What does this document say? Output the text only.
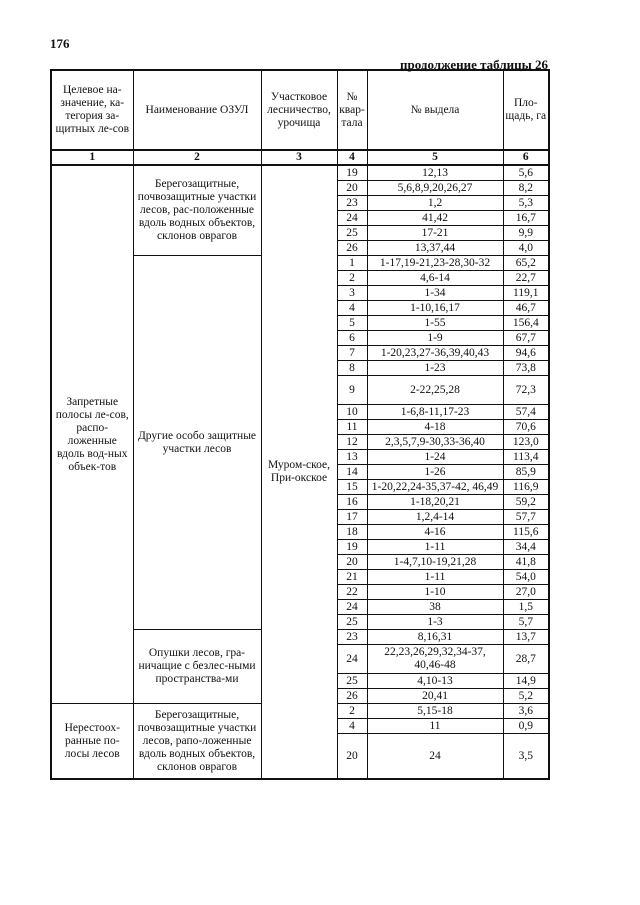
176
продолжение таблицы 26
Целевое на-значение, ка-тегория за-щитных ле-сов	Наименование ОЗУЛ	Участковое лесничество, урочища	№ квар-тала	№ выдела	Пло-щадь, га
1	2	3	4	5	6
Запретные полосы ле-сов, распо-ложенные вдоль вод-ных объек-тов	Берегозащитные, почвозащитные участки лесов, рас-положенные вдоль водных объектов, склонов оврагов	Муром-ское, При-окское	19	12,13	5,6
			20	5,6,8,9,20,26,27	8,2
			23	1,2	5,3
			24	41,42	16,7
			25	17-21	9,9
			26	13,37,44	4,0
	Другие особо защитные участки лесов		1	1-17,19-21,23-28,30-32	65,2
			2	4,6-14	22,7
			3	1-34	119,1
			4	1-10,16,17	46,7
			5	1-55	156,4
			6	1-9	67,7
			7	1-20,23,27-36,39,40,43	94,6
			8	1-23	73,8
			9	2-22,25,28	72,3
			10	1-6,8-11,17-23	57,4
			11	4-18	70,6
			12	2,3,5,7,9-30,33-36,40	123,0
			13	1-24	113,4
			14	1-26	85,9
			15	1-20,22,24-35,37-42, 46,49	116,9
			16	1-18,20,21	59,2
			17	1,2,4-14	57,7
			18	4-16	115,6
			19	1-11	34,4
			20	1-4,7,10-19,21,28	41,8
			21	1-11	54,0
			22	1-10	27,0
			24	38	1,5
			25	1-3	5,7
	Опушки лесов, гра-ничащие с безлес-ными пространства-ми		23	8,16,31	13,7
			24	22,23,26,29,32,34-37, 40,46-48	28,7
			25	4,10-13	14,9
			26	20,41	5,2
Нерестоох-ранные по-лосы лесов	Берегозащитные, почвозащитные участки лесов, рапо-ложенные вдоль водных объектов, склонов оврагов		2	5,15-18	3,6
			4	11	0,9
			20	24	3,5
